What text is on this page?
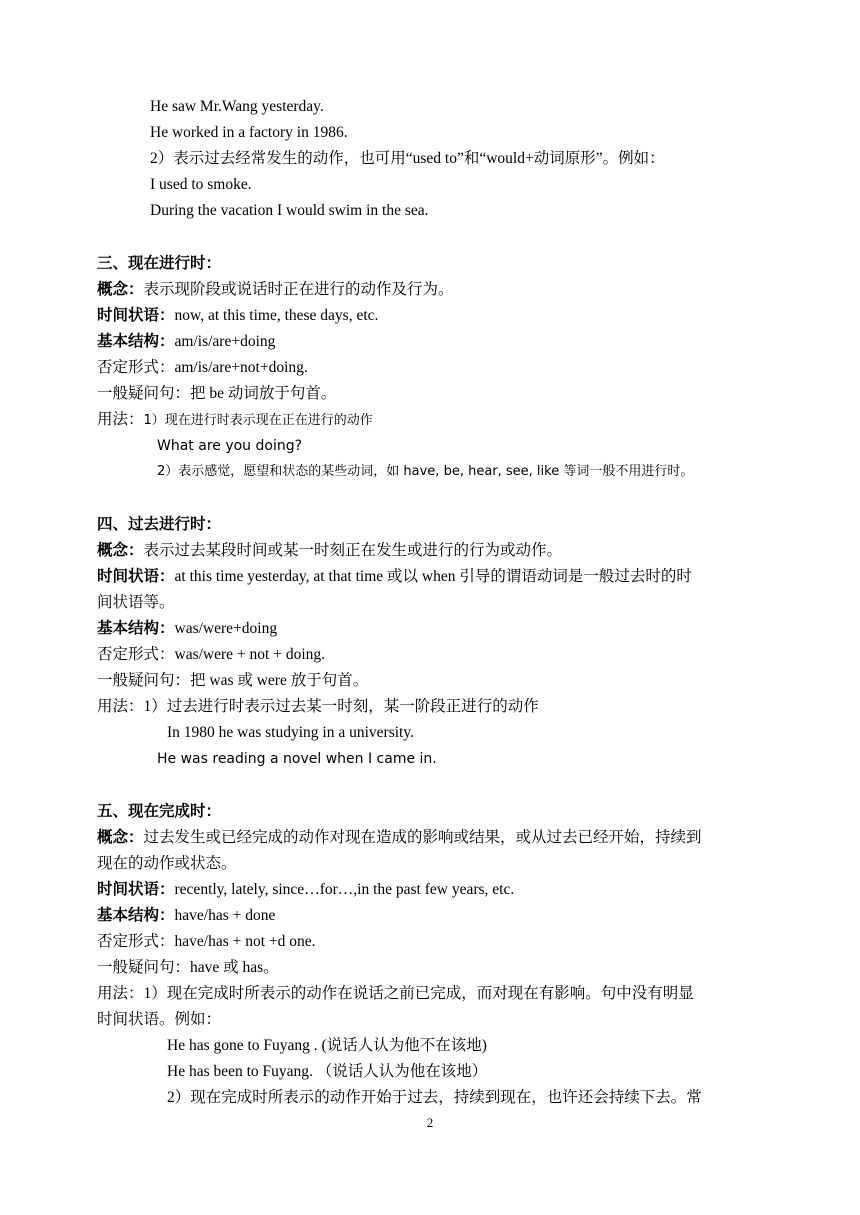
He saw Mr.Wang yesterday.
He worked in a factory in 1986.
2）表示过去经常发生的动作，也可用“used to”和“would+动词原形”。例如：
I used to smoke.
During the vacation I would swim in the sea.
三、现在进行时：
概念：表示现阶段或说话时正在进行的动作及行为。
时间状语：now, at this time, these days, etc.
基本结构：am/is/are+doing
否定形式：am/is/are+not+doing.
一般疑问句：把 be 动词放于句首。
用法：1）现在进行时表示现在正在进行的动作
What are you doing?
2）表示感觉，愿望和状态的某些动词，如 have, be, hear, see, like 等词一般不用进行时。
四、过去进行时：
概念：表示过去某段时间或某一时刻正在发生或进行的行为或动作。
时间状语：at this time yesterday, at that time 或以 when 引导的谓语动词是一般过去时的时
间状语等。
基本结构：was/were+doing
否定形式：was/were + not + doing.
一般疑问句：把 was 或 were 放于句首。
用法：1）过去进行时表示过去某一时刻，某一阶段正进行的动作
In 1980 he was studying in a university.
He was reading a novel when I came in.
五、现在完成时：
概念：过去发生或已经完成的动作对现在造成的影响或结果，或从过去已经开始，持续到
现在的动作或状态。
时间状语：recently, lately, since…for…,in the past few years, etc.
基本结构：have/has + done
否定形式：have/has + not +d one.
一般疑问句：have 或 has。
用法：1）现在完成时所表示的动作在说话之前已完成，而对现在有影响。句中没有明显
时间状语。例如：
He has gone to Fuyang . (说话人认为他不在该地)
He has been to Fuyang. （说话人认为他在该地）
2）现在完成时所表示的动作开始于过去，持续到现在，也许还会持续下去。常
2
